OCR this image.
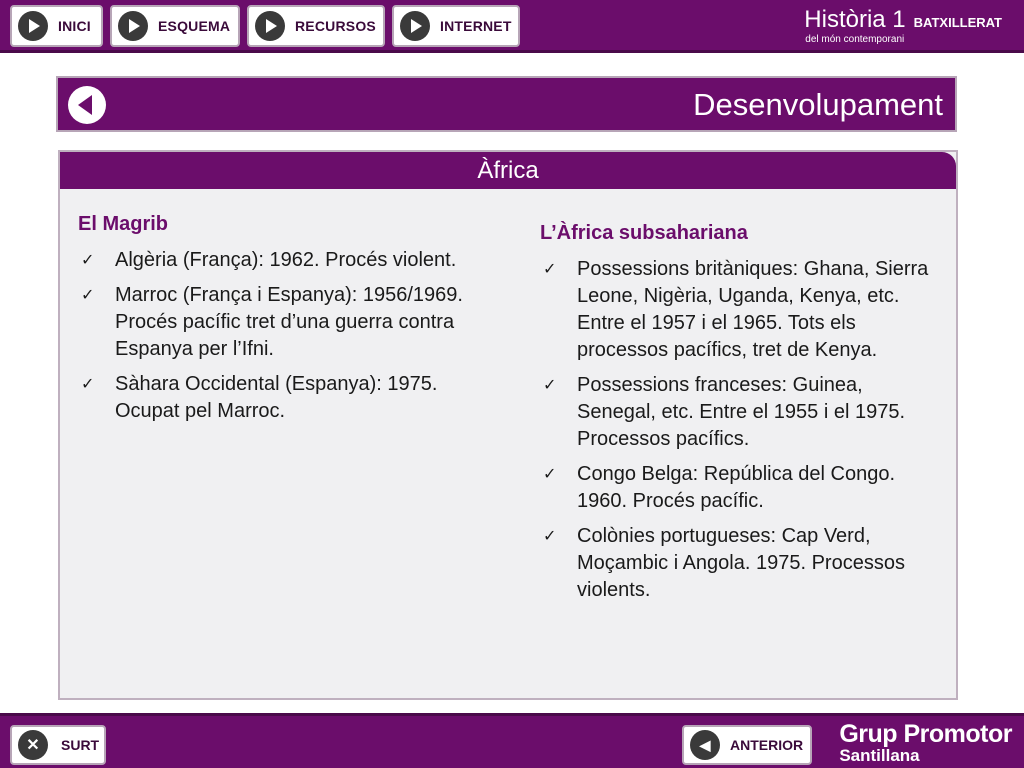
INICI	ESQUEMA	RECURSOS	INTERNET	Història 1 BATXILLERAT
del món contemporani
Desenvolupament
Àfrica
El Magrib
✓ Algèria (França): 1962. Procés violent.
✓ Marroc (França i Espanya): 1956/1969. Procés pacífic tret d’una guerra contra Espanya per l’Ifni.
✓ Sàhara Occidental (Espanya): 1975. Ocupat pel Marroc.
L’Àfrica subsahariana
✓ Possessions britàniques: Ghana, Sierra Leone, Nigèria, Uganda, Kenya, etc. Entre el 1957 i el 1965. Tots els processos pacífics, tret de Kenya.
✓ Possessions franceses: Guinea, Senegal, etc. Entre el 1955 i el 1975. Processos pacífics.
✓ Congo Belga: República del Congo. 1960. Procés pacífic.
✓ Colònies portugueses: Cap Verd, Moçambic i Angola. 1975. Processos violents.
✕	SURT	◀	ANTERIOR Grup Promotor
Santillana
